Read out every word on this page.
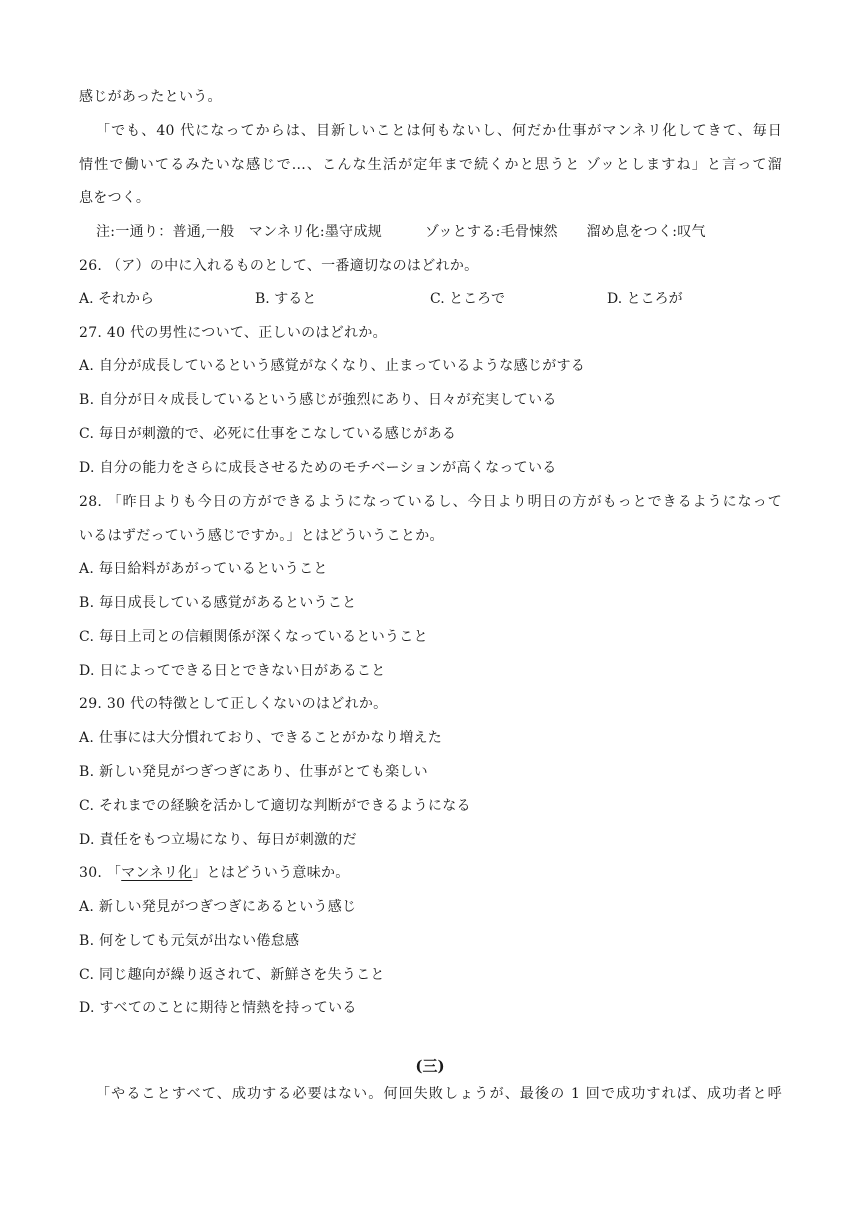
感じがあったという。
「でも、40 代になってからは、目新しいことは何もないし、何だか仕事がマンネリ化してきて、毎日
情性で働いてるみたいな感じで...、こんな生活が定年まで続くかと思うと ゾッとしますね」と言って溜
息をつく。
注:一通り：普通,一般　マンネリ化:墨守成规　　　ゾッとする:毛骨悚然　　溜め息をつく:叹气
26. （ア）の中に入れるものとして、一番適切なのはどれか。
A. それから	B. すると	C. ところで	D. ところが
27. 40 代の男性について、正しいのはどれか。
A. 自分が成長しているという感覚がなくなり、止まっているような感じがする
B. 自分が日々成長しているという感じが強烈にあり、日々が充実している
C. 毎日が刺激的で、必死に仕事をこなしている感じがある
D. 自分の能力をさらに成長させるためのモチベーションが高くなっている
28. 「昨日よりも今日の方ができるようになっているし、今日より明日の方がもっとできるようになって
いるはずだっていう感じですか。」とはどういうことか。
A. 毎日給料があがっているということ
B. 毎日成長している感覚があるということ
C. 毎日上司との信頼関係が深くなっているということ
D. 日によってできる日とできない日があること
29. 30 代の特徴として正しくないのはどれか。
A. 仕事には大分慣れており、できることがかなり増えた
B. 新しい発見がつぎつぎにあり、仕事がとても楽しい
C. それまでの経験を活かして適切な判断ができるようになる
D. 責任をもつ立場になり、毎日が刺激的だ
30. 「マンネリ化」とはどういう意味か。
A. 新しい発見がつぎつぎにあるという感じ
B. 何をしても元気が出ない倦怠感
C. 同じ趣向が繰り返されて、新鮮さを失うこと
D. すべてのことに期待と情熱を持っている
(三)
「やることすべて、成功する必要はない。何回失敗しょうが、最後の 1 回で成功すれば、成功者と呼
